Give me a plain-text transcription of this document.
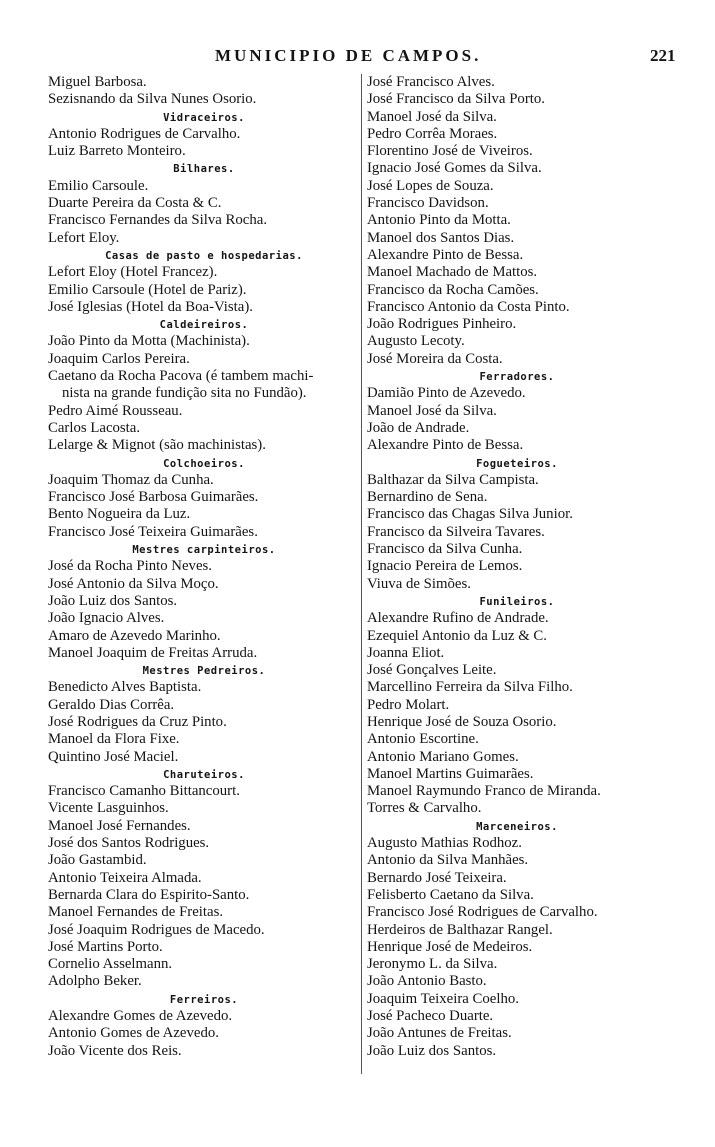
MUNICIPIO DE CAMPOS.	221
Miguel Barbosa.
Sezisnando da Silva Nunes Osorio.
Vidraceiros.
Antonio Rodrigues de Carvalho.
Luiz Barreto Monteiro.
Bilhares.
Emilio Carsoule.
Duarte Pereira da Costa & C.
Francisco Fernandes da Silva Rocha.
Lefort Eloy.
Casas de pasto e hospedarias.
Lefort Eloy (Hotel Francez).
Emilio Carsoule (Hotel de Pariz).
José Iglesias (Hotel da Boa-Vista).
Caldeireiros.
João Pinto da Motta (Machinista).
Joaquim Carlos Pereira.
Caetano da Rocha Pacova (é tambem machi-
nista na grande fundição sita no Fundão).
Pedro Aimé Rousseau.
Carlos Lacosta.
Lelarge & Mignot (são machinistas).
Colchoeiros.
Joaquim Thomaz da Cunha.
Francisco José Barbosa Guimarães.
Bento Nogueira da Luz.
Francisco José Teixeira Guimarães.
Mestres carpinteiros.
José da Rocha Pinto Neves.
José Antonio da Silva Moço.
João Luiz dos Santos.
João Ignacio Alves.
Amaro de Azevedo Marinho.
Manoel Joaquim de Freitas Arruda.
Mestres Pedreiros.
Benedicto Alves Baptista.
Geraldo Dias Corrêa.
José Rodrigues da Cruz Pinto.
Manoel da Flora Fixe.
Quintino José Maciel.
Charuteiros.
Francisco Camanho Bittancourt.
Vicente Lasguinhos.
Manoel José Fernandes.
José dos Santos Rodrigues.
João Gastambid.
Antonio Teixeira Almada.
Bernarda Clara do Espirito-Santo.
Manoel Fernandes de Freitas.
José Joaquim Rodrigues de Macedo.
José Martins Porto.
Cornelio Asselmann.
Adolpho Beker.
Ferreiros.
Alexandre Gomes de Azevedo.
Antonio Gomes de Azevedo.
João Vicente dos Reis.
José Francisco Alves.
José Francisco da Silva Porto.
Manoel José da Silva.
Pedro Corrêa Moraes.
Florentino José de Viveiros.
Ignacio José Gomes da Silva.
José Lopes de Souza.
Francisco Davidson.
Antonio Pinto da Motta.
Manoel dos Santos Dias.
Alexandre Pinto de Bessa.
Manoel Machado de Mattos.
Francisco da Rocha Camões.
Francisco Antonio da Costa Pinto.
João Rodrigues Pinheiro.
Augusto Lecoty.
José Moreira da Costa.
Ferradores.
Damião Pinto de Azevedo.
Manoel José da Silva.
João de Andrade.
Alexandre Pinto de Bessa.
Fogueteiros.
Balthazar da Silva Campista.
Bernardino de Sena.
Francisco das Chagas Silva Junior.
Francisco da Silveira Tavares.
Francisco da Silva Cunha.
Ignacio Pereira de Lemos.
Viuva de Simões.
Funileiros.
Alexandre Rufino de Andrade.
Ezequiel Antonio da Luz & C.
Joanna Eliot.
José Gonçalves Leite.
Marcellino Ferreira da Silva Filho.
Pedro Molart.
Henrique José de Souza Osorio.
Antonio Escortine.
Antonio Mariano Gomes.
Manoel Martins Guimarães.
Manoel Raymundo Franco de Miranda.
Torres & Carvalho.
Marceneiros.
Augusto Mathias Rodhoz.
Antonio da Silva Manhães.
Bernardo José Teixeira.
Felisberto Caetano da Silva.
Francisco José Rodrigues de Carvalho.
Herdeiros de Balthazar Rangel.
Henrique José de Medeiros.
Jeronymo L. da Silva.
João Antonio Basto.
Joaquim Teixeira Coelho.
José Pacheco Duarte.
João Antunes de Freitas.
João Luiz dos Santos.
